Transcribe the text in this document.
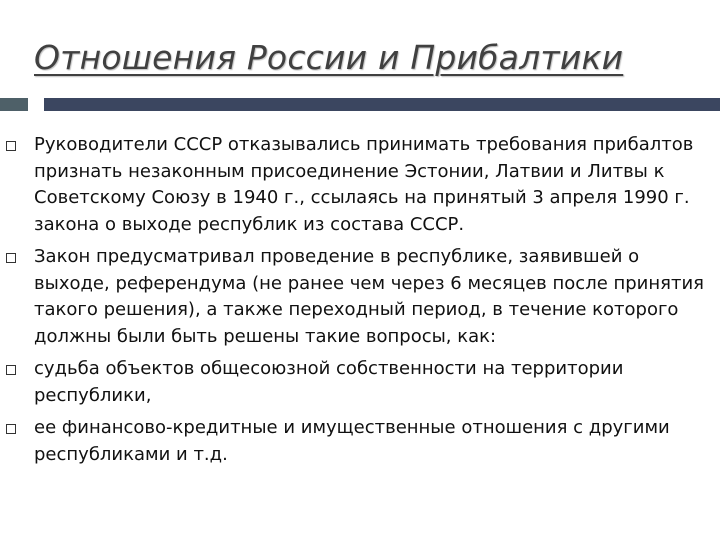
Отношения России и Прибалтики
Руководители СССР отказывались принимать требования прибалтов признать незаконным присоединение Эстонии, Латвии и Литвы к Советскому Союзу в 1940 г., ссылаясь на принятый 3 апреля 1990 г. закона о выходе республик из состава СССР.
Закон предусматривал проведение в республике, заявившей о выходе, референдума (не ранее чем через 6 месяцев после принятия такого решения), а также переходный период, в течение которого должны были быть решены такие вопросы, как:
судьба объектов общесоюзной собственности на территории республики,
ее финансово-кредитные и имущественные отношения с другими республиками и т.д.
